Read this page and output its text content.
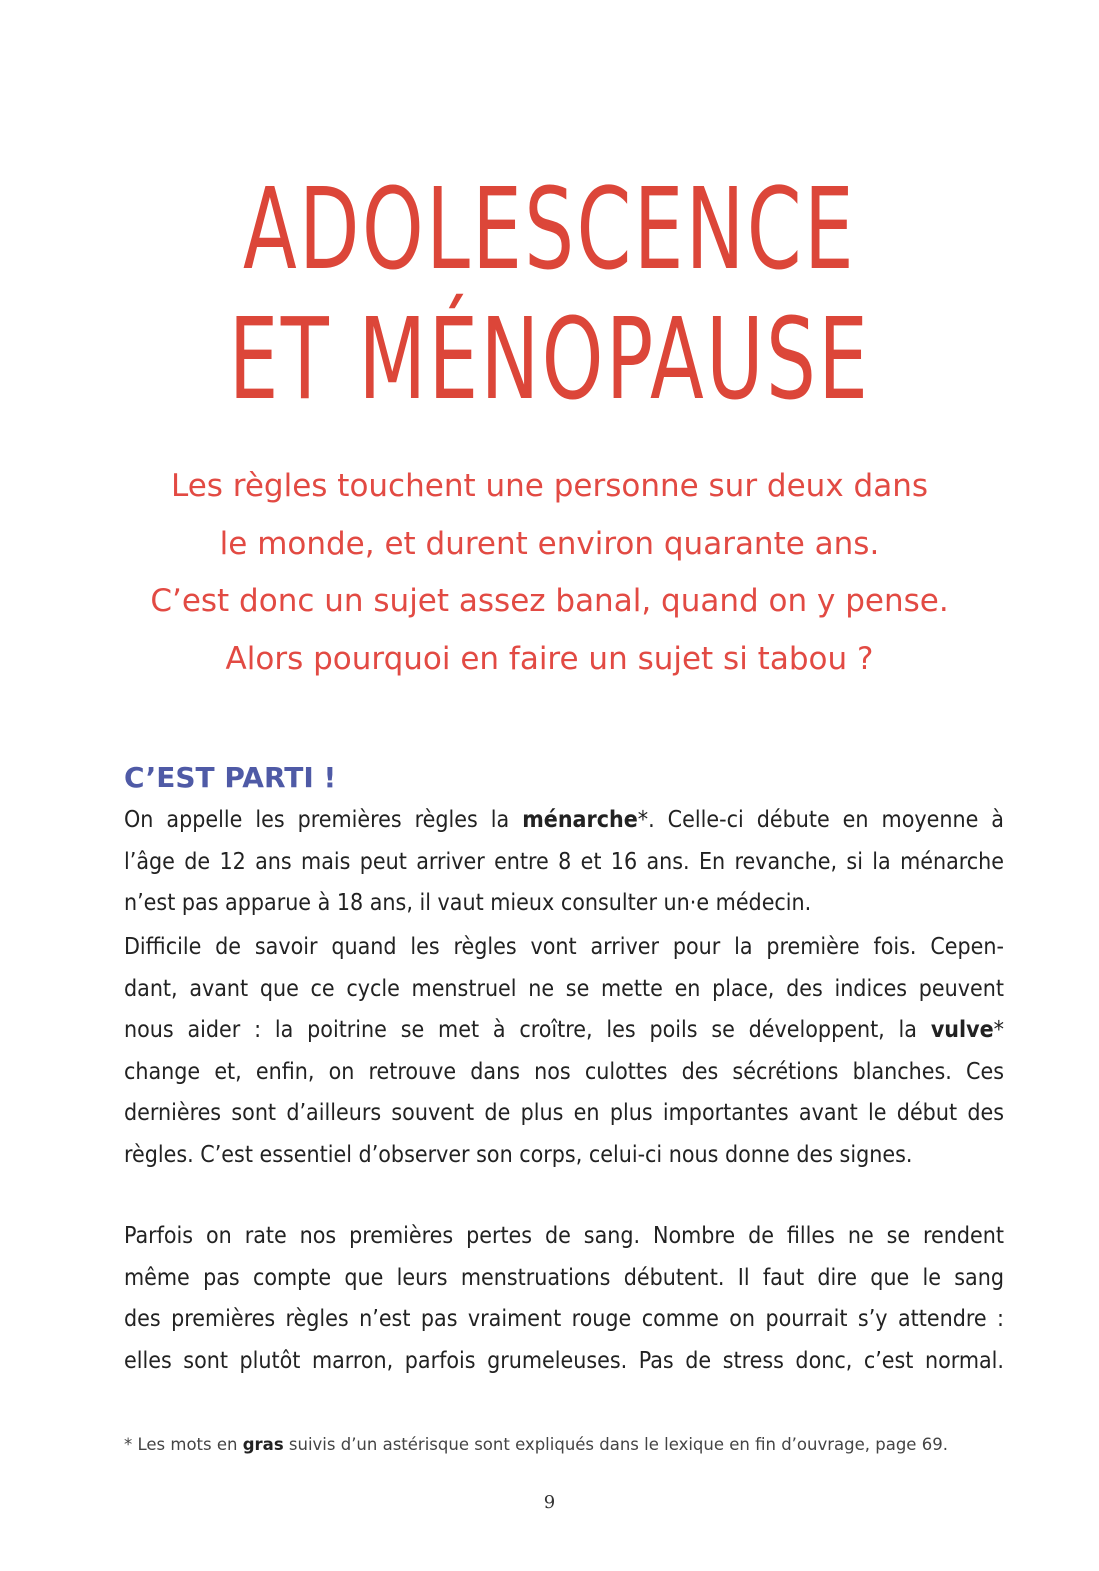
ADOLESCENCE
ET MÉNOPAUSE
Les règles touchent une personne sur deux dans
le monde, et durent environ quarante ans.
C’est donc un sujet assez banal, quand on y pense.
Alors pourquoi en faire un sujet si tabou ?
C’EST PARTI !
On appelle les premières règles la ménarche*. Celle-ci débute en moyenne à
l’âge de 12 ans mais peut arriver entre 8 et 16 ans. En revanche, si la ménarche
n’est pas apparue à 18 ans, il vaut mieux consulter un·e médecin.
Difficile de savoir quand les règles vont arriver pour la première fois. Cepen-
dant, avant que ce cycle menstruel ne se mette en place, des indices peuvent
nous aider : la poitrine se met à croître, les poils se développent, la vulve*
change et, enfin, on retrouve dans nos culottes des sécrétions blanches. Ces
dernières sont d’ailleurs souvent de plus en plus importantes avant le début des
règles. C’est essentiel d’observer son corps, celui-ci nous donne des signes.
Parfois on rate nos premières pertes de sang. Nombre de filles ne se rendent
même pas compte que leurs menstruations débutent. Il faut dire que le sang
des premières règles n’est pas vraiment rouge comme on pourrait s’y attendre :
elles sont plutôt marron, parfois grumeleuses. Pas de stress donc, c’est normal.
* Les mots en gras suivis d’un astérisque sont expliqués dans le lexique en fin d’ouvrage, page 69.
9
